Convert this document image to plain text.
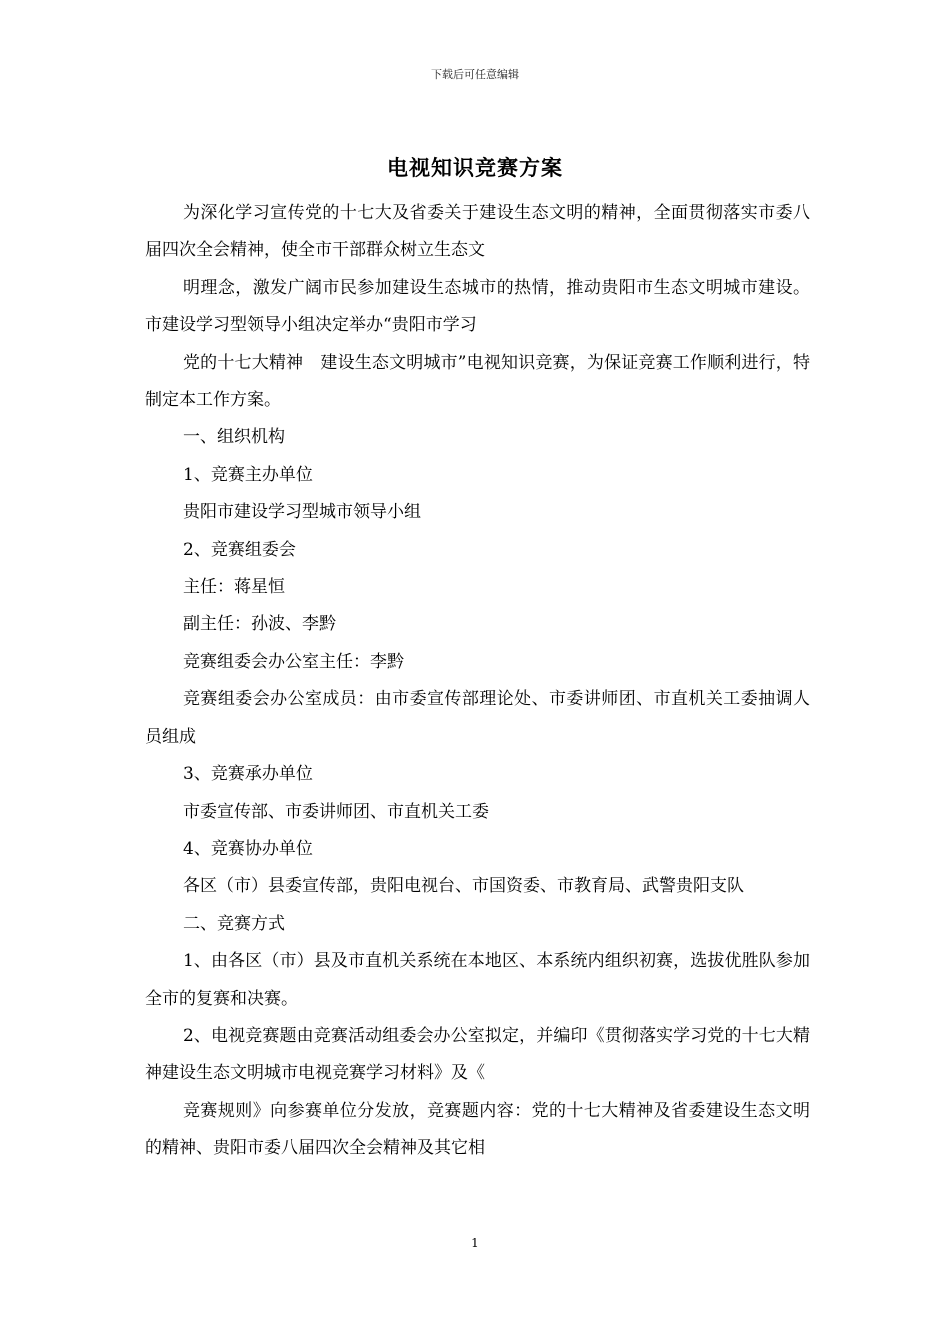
下载后可任意编辑
电视知识竞赛方案

为深化学习宣传党的十七大及省委关于建设生态文明的精神，全面贯彻落实市委八届四次全会精神，使全市干部群众树立生态文

明理念，激发广阔市民参加建设生态城市的热情，推动贵阳市生态文明城市建设。市建设学习型领导小组决定举办“贵阳市学习

党的十七大精神　建设生态文明城市”电视知识竞赛，为保证竞赛工作顺利进行，特制定本工作方案。

一、组织机构

1、竞赛主办单位

贵阳市建设学习型城市领导小组

2、竞赛组委会

主任：蒋星恒

副主任：孙波、李黔

竞赛组委会办公室主任：李黔

竞赛组委会办公室成员：由市委宣传部理论处、市委讲师团、市直机关工委抽调人员组成

3、竞赛承办单位

市委宣传部、市委讲师团、市直机关工委

4、竞赛协办单位

各区（市）县委宣传部，贵阳电视台、市国资委、市教育局、武警贵阳支队

二、竞赛方式

1、由各区（市）县及市直机关系统在本地区、本系统内组织初赛，选拔优胜队参加全市的复赛和决赛。

2、电视竞赛题由竞赛活动组委会办公室拟定，并编印《贯彻落实学习党的十七大精神建设生态文明城市电视竞赛学习材料》及《

竞赛规则》向参赛单位分发放，竞赛题内容：党的十七大精神及省委建设生态文明的精神、贵阳市委八届四次全会精神及其它相

1
